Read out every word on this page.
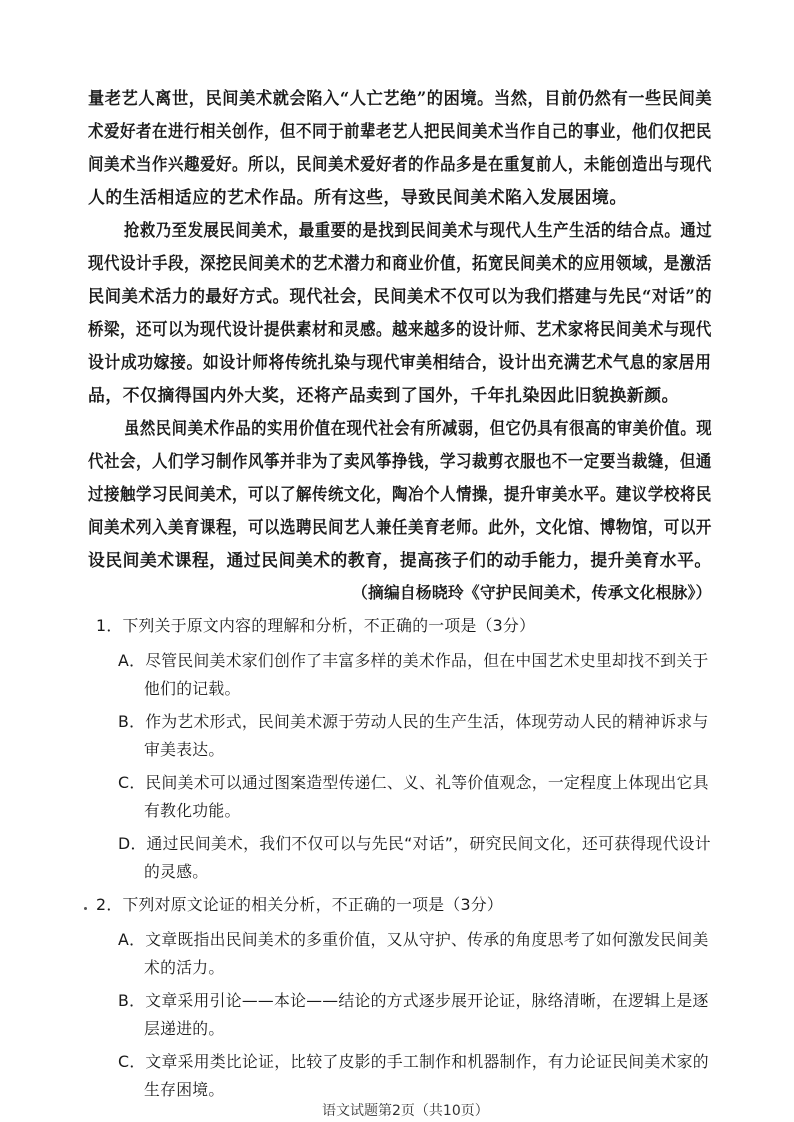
量老艺人离世，民间美术就会陷入“人亡艺绝”的困境。当然，目前仍然有一些民间美
术爱好者在进行相关创作，但不同于前辈老艺人把民间美术当作自己的事业，他们仅把民
间美术当作兴趣爱好。所以，民间美术爱好者的作品多是在重复前人，未能创造出与现代
人的生活相适应的艺术作品。所有这些，导致民间美术陷入发展困境。
抢救乃至发展民间美术，最重要的是找到民间美术与现代人生产生活的结合点。通过
现代设计手段，深挖民间美术的艺术潜力和商业价值，拓宽民间美术的应用领域，是激活
民间美术活力的最好方式。现代社会，民间美术不仅可以为我们搭建与先民“对话”的
桥梁，还可以为现代设计提供素材和灵感。越来越多的设计师、艺术家将民间美术与现代
设计成功嫁接。如设计师将传统扎染与现代审美相结合，设计出充满艺术气息的家居用
品，不仅摘得国内外大奖，还将产品卖到了国外，千年扎染因此旧貌换新颜。
虽然民间美术作品的实用价值在现代社会有所减弱，但它仍具有很高的审美价值。现
代社会，人们学习制作风筝并非为了卖风筝挣钱，学习裁剪衣服也不一定要当裁缝，但通
过接触学习民间美术，可以了解传统文化，陶冶个人情操，提升审美水平。建议学校将民
间美术列入美育课程，可以选聘民间艺人兼任美育老师。此外，文化馆、博物馆，可以开
设民间美术课程，通过民间美术的教育，提高孩子们的动手能力，提升美育水平。
（摘编自杨晓玲《守护民间美术，传承文化根脉》）
1．下列关于原文内容的理解和分析，不正确的一项是（3分）
A．尽管民间美术家们创作了丰富多样的美术作品，但在中国艺术史里却找不到关于
他们的记载。
B．作为艺术形式，民间美术源于劳动人民的生产生活，体现劳动人民的精神诉求与
审美表达。
C．民间美术可以通过图案造型传递仁、义、礼等价值观念，一定程度上体现出它具
有教化功能。
D．通过民间美术，我们不仅可以与先民“对话”，研究民间文化，还可获得现代设计
的灵感。
2．下列对原文论证的相关分析，不正确的一项是（3分）
A．文章既指出民间美术的多重价值，又从守护、传承的角度思考了如何激发民间美
术的活力。
B．文章采用引论——本论——结论的方式逐步展开论证，脉络清晰，在逻辑上是逐
层递进的。
C．文章采用类比论证，比较了皮影的手工制作和机器制作，有力论证民间美术家的
生存困境。
语文试题第2页（共10页）
